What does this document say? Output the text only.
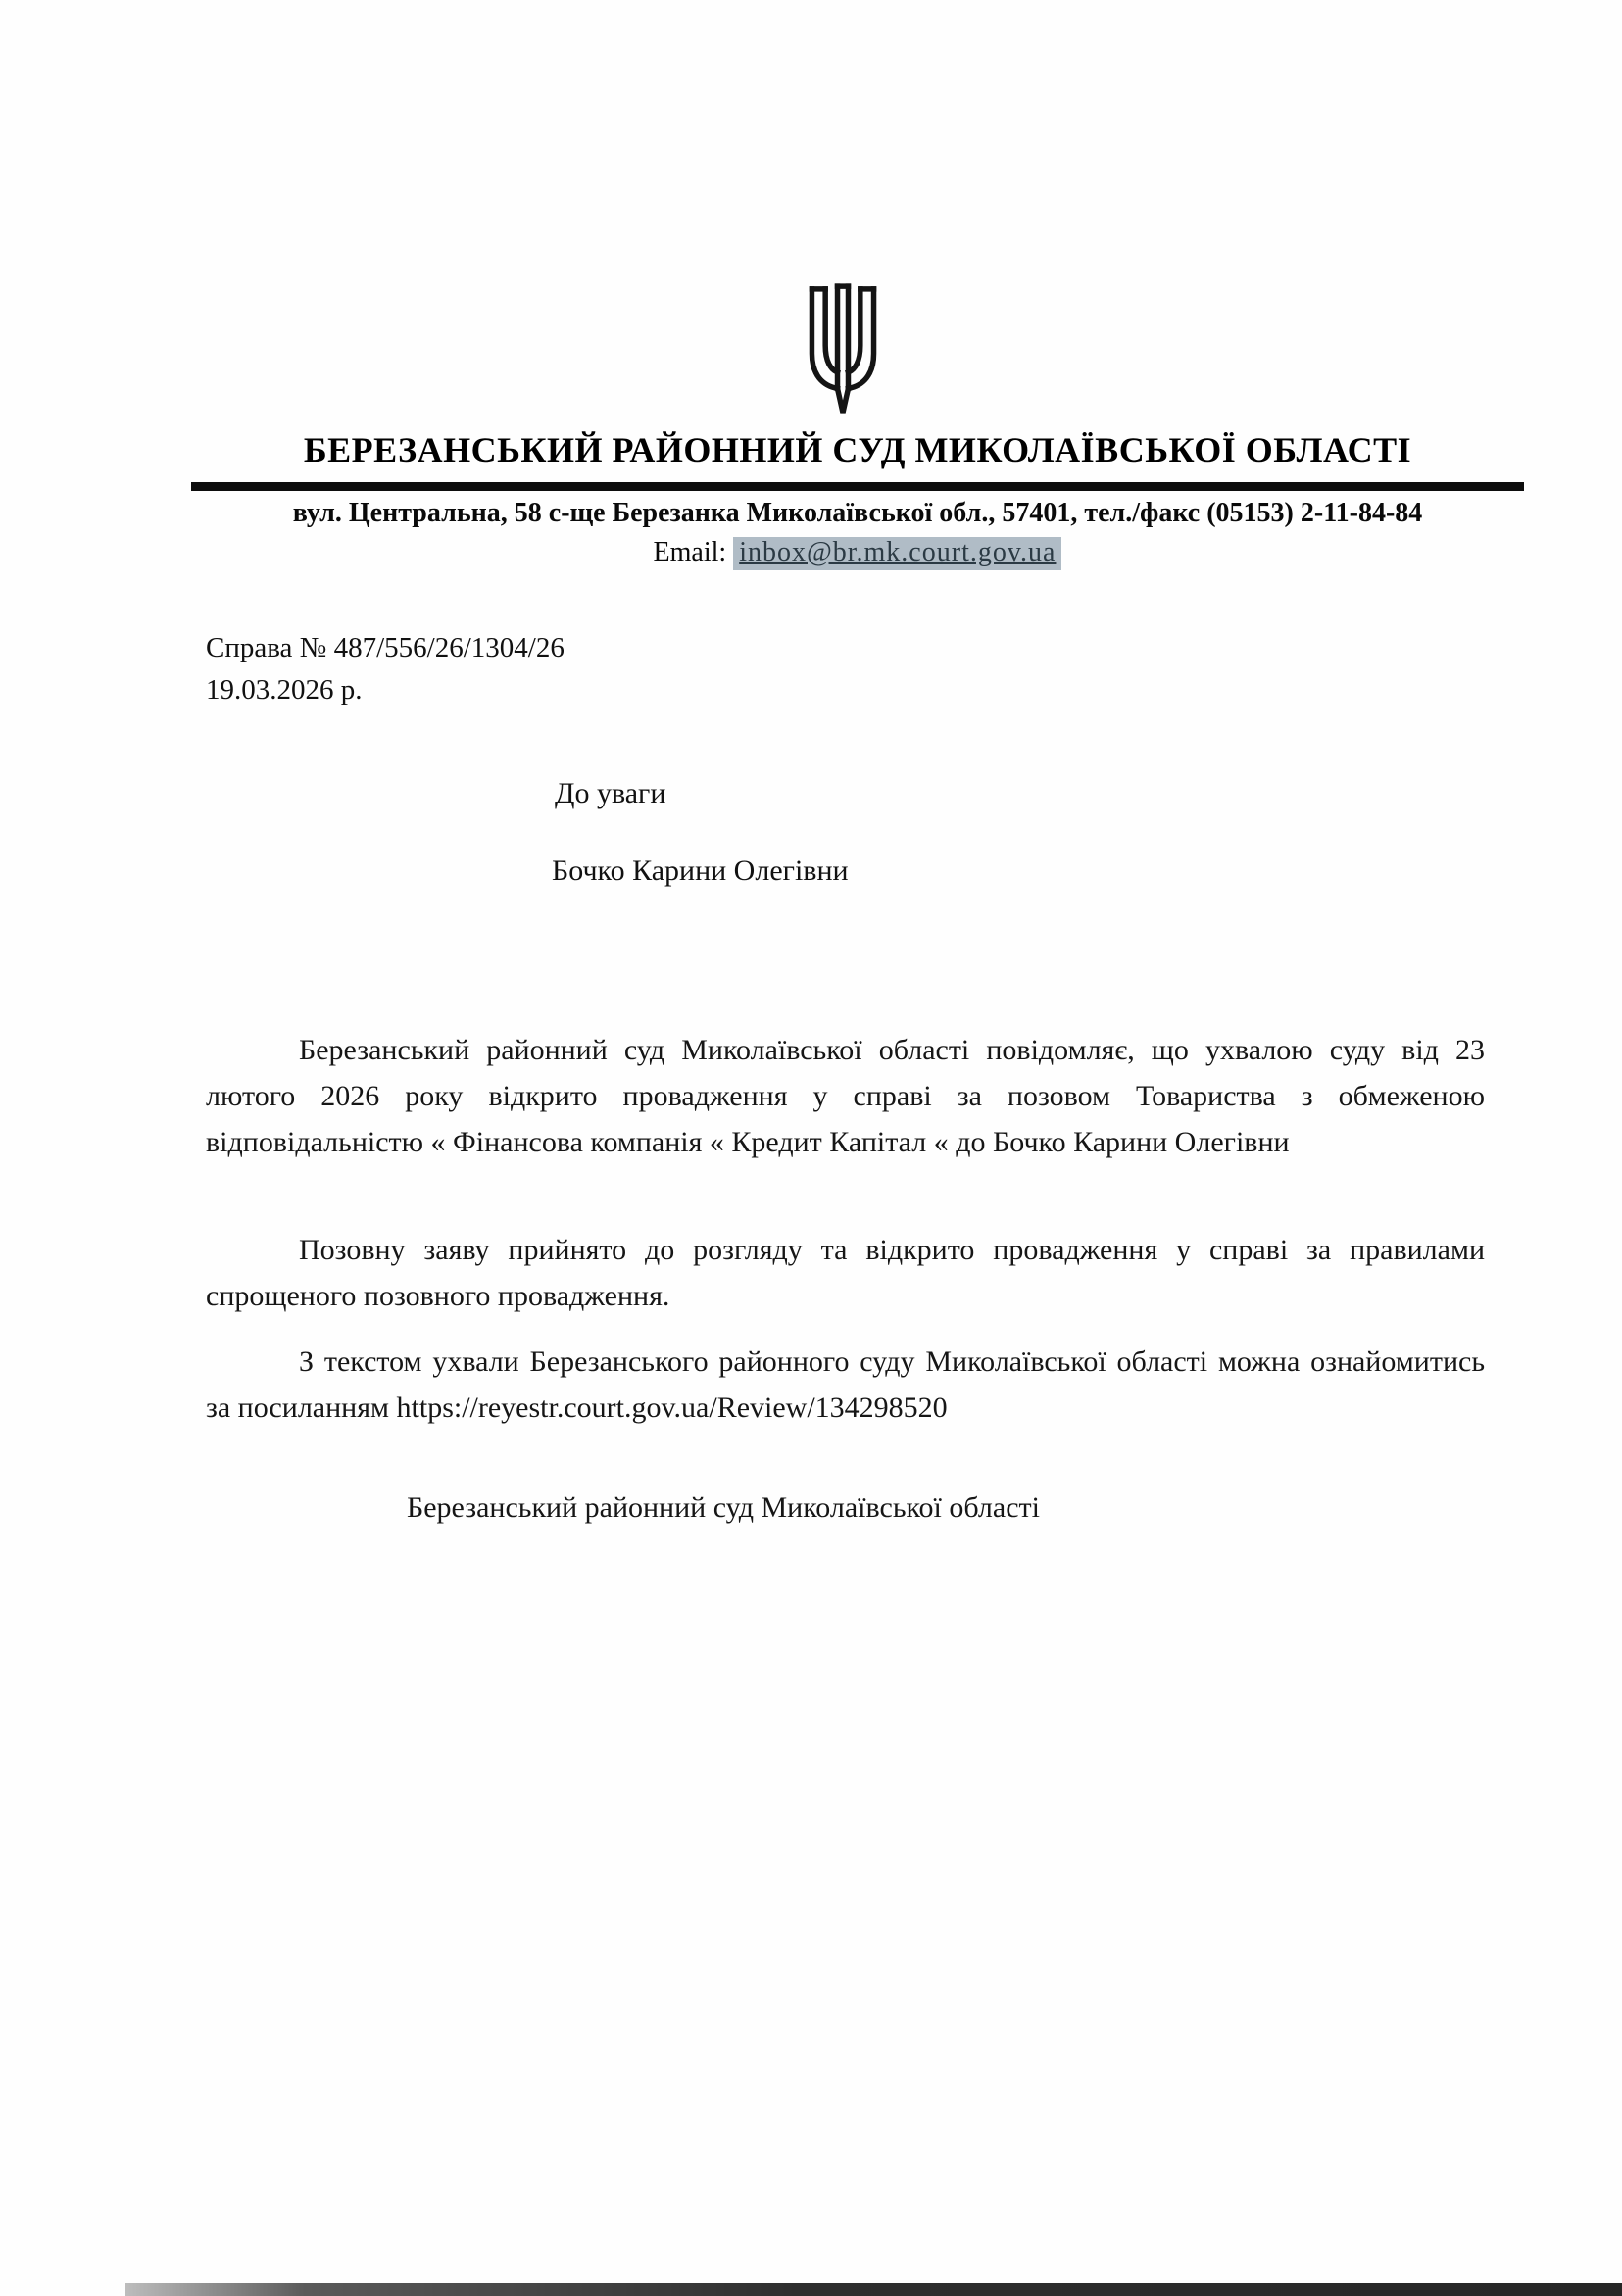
БЕРЕЗАНСЬКИЙ РАЙОННИЙ СУД МИКОЛАЇВСЬКОЇ ОБЛАСТІ
вул. Центральна, 58 с-ще Березанка Миколаївської обл., 57401, тел./факс (05153) 2-11-84-84
Email: inbox@br.mk.court.gov.ua
Справа № 487/556/26/1304/26
19.03.2026 р.
До уваги
Бочко Карини Олегівни

Березанський районний суд Миколаївської області повідомляє, що ухвалою суду від 23 лютого 2026 року відкрито провадження у справі за позовом Товариства з обмеженою відповідальністю « Фінансова компанія « Кредит Капітал « до Бочко Карини Олегівни

Позовну заяву прийнято до розгляду та відкрито провадження у справі за правилами спрощеного позовного провадження.

З текстом ухвали Березанського районного суду Миколаївської області можна ознайомитись за посиланням https://reyestr.court.gov.ua/Review/134298520

Березанський районний суд Миколаївської області
